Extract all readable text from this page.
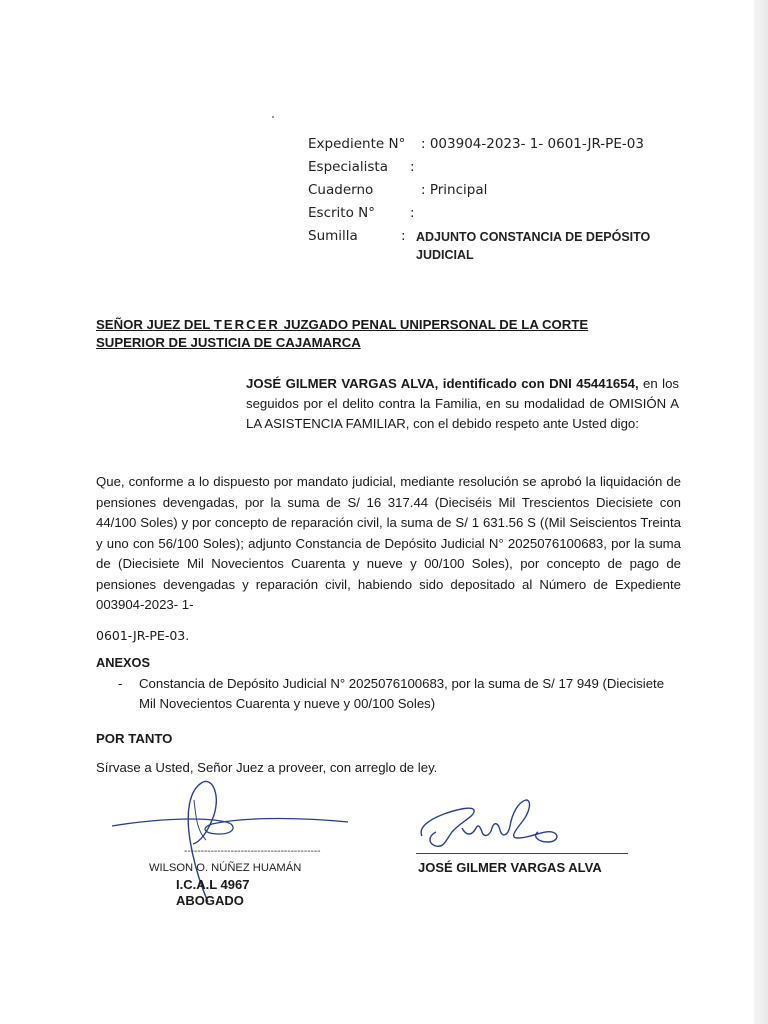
Expediente N° : 003904-2023- 1- 0601-JR-PE-03
Especialista :
Cuaderno	: Principal
Escrito N°	:
Sumilla	: ADJUNTO CONSTANCIA DE DEPÓSITO
JUDICIAL
SEÑOR JUEZ DEL TERCER JUZGADO PENAL UNIPERSONAL DE LA CORTE
SUPERIOR DE JUSTICIA DE CAJAMARCA
JOSÉ GILMER VARGAS ALVA, identificado con DNI 45441654, en los seguidos por el delito contra la Familia, en su modalidad de OMISIÓN A LA ASISTENCIA FAMILIAR, con el debido respeto ante Usted digo:
Que, conforme a lo dispuesto por mandato judicial, mediante resolución se aprobó la liquidación de pensiones devengadas, por la suma de S/ 16 317.44 (Dieciséis Mil Trescientos Diecisiete con 44/100 Soles) y por concepto de reparación civil, la suma de S/ 1 631.56 S ((Mil Seiscientos Treinta y uno con 56/100 Soles); adjunto Constancia de Depósito Judicial N° 2025076100683, por la suma de (Diecisiete Mil Novecientos Cuarenta y nueve y 00/100 Soles), por concepto de pago de pensiones devengadas y reparación civil, habiendo sido depositado al Número de Expediente 003904-2023- 1-
0601-JR-PE-03.
ANEXOS
- Constancia de Depósito Judicial N° 2025076100683, por la suma de S/ 17 949 (Diecisiete Mil Novecientos Cuarenta y nueve y 00/100 Soles)
POR TANTO
Sírvase a Usted, Señor Juez a proveer, con arreglo de ley.
-----------------------------------------
WILSON O. NÚÑEZ HUAMÁN
I.C.A.L 4967
ABOGADO
JOSÉ GILMER VARGAS ALVA
